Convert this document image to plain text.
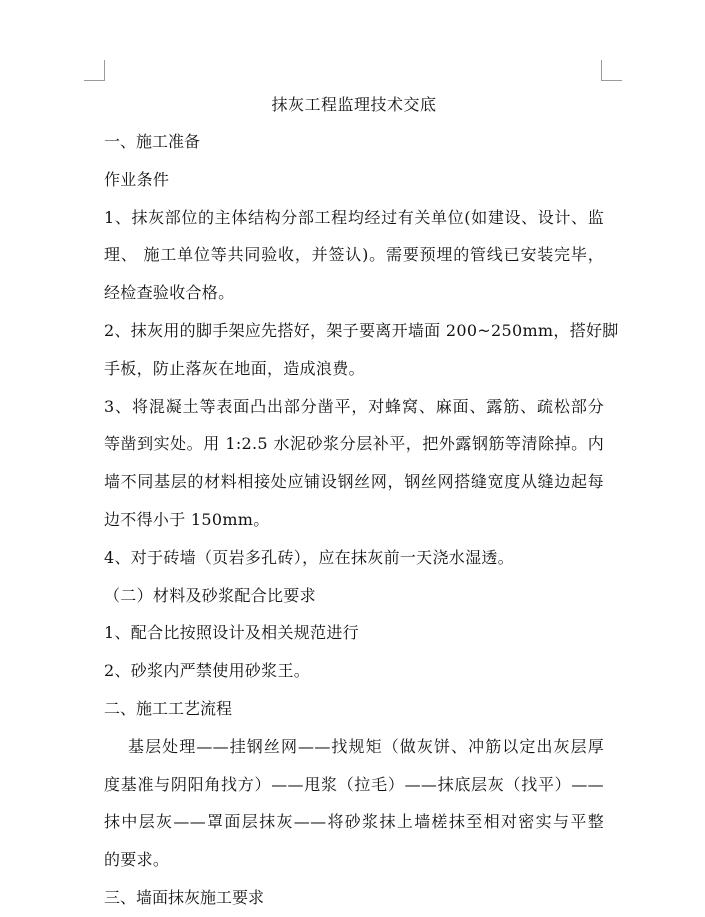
抹灰工程监理技术交底

一、施工准备

作业条件

1、抹灰部位的主体结构分部工程均经过有关单位(如建设、设计、监

理、 施工单位等共同验收，并签认)。需要预埋的管线已安装完毕，

经检查验收合格。

2、抹灰用的脚手架应先搭好，架子要离开墙面 200~250mm，搭好脚

手板，防止落灰在地面，造成浪费。

3、将混凝土等表面凸出部分凿平，对蜂窝、麻面、露筋、疏松部分

等凿到实处。用 1:2.5 水泥砂浆分层补平，把外露钢筋等清除掉。内

墙不同基层的材料相接处应铺设钢丝网，钢丝网搭缝宽度从缝边起每

边不得小于 150mm。

4、对于砖墙（页岩多孔砖），应在抹灰前一天浇水湿透。

（二）材料及砂浆配合比要求

1、配合比按照设计及相关规范进行

2、砂浆内严禁使用砂浆王。

二、施工工艺流程

基层处理——挂钢丝网——找规矩（做灰饼、冲筋以定出灰层厚

度基准与阴阳角找方）——甩浆（拉毛）——抹底层灰（找平）——

抹中层灰——罩面层抹灰——将砂浆抹上墙槎抹至相对密实与平整

的要求。

三、墙面抹灰施工要求
